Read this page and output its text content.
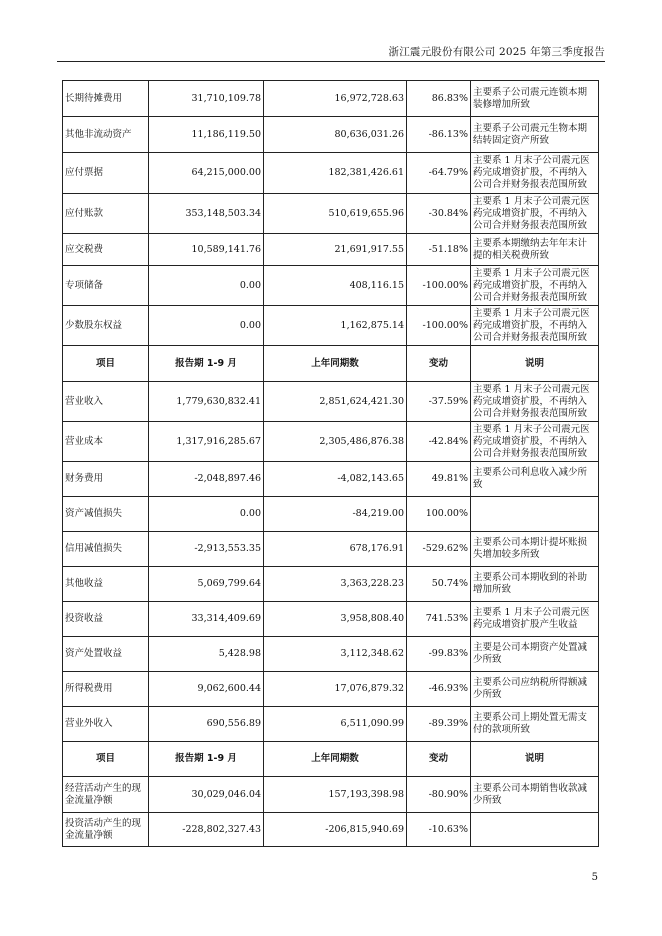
浙江震元股份有限公司 2025 年第三季度报告
长期待摊费用	31,710,109.78	16,972,728.63	86.83%	主要系子公司震元连锁本期装修增加所致
其他非流动资产	11,186,119.50	80,636,031.26	-86.13%	主要系子公司震元生物本期结转固定资产所致
应付票据	64,215,000.00	182,381,426.61	-64.79%	主要系 1 月末子公司震元医药完成增资扩股，不再纳入公司合并财务报表范围所致
应付账款	353,148,503.34	510,619,655.96	-30.84%	主要系 1 月末子公司震元医药完成增资扩股，不再纳入公司合并财务报表范围所致
应交税费	10,589,141.76	21,691,917.55	-51.18%	主要系本期缴纳去年年末计提的相关税费所致
专项储备	0.00	408,116.15	-100.00%	主要系 1 月末子公司震元医药完成增资扩股，不再纳入公司合并财务报表范围所致
少数股东权益	0.00	1,162,875.14	-100.00%	主要系 1 月末子公司震元医药完成增资扩股，不再纳入公司合并财务报表范围所致
项目	报告期 1-9 月	上年同期数	变动	说明
营业收入	1,779,630,832.41	2,851,624,421.30	-37.59%	主要系 1 月末子公司震元医药完成增资扩股，不再纳入公司合并财务报表范围所致
营业成本	1,317,916,285.67	2,305,486,876.38	-42.84%	主要系 1 月末子公司震元医药完成增资扩股，不再纳入公司合并财务报表范围所致
财务费用	-2,048,897.46	-4,082,143.65	49.81%	主要系公司利息收入减少所致
资产减值损失	0.00	-84,219.00	100.00%	
信用减值损失	-2,913,553.35	678,176.91	-529.62%	主要系公司本期计提坏账损失增加较多所致
其他收益	5,069,799.64	3,363,228.23	50.74%	主要系公司本期收到的补助增加所致
投资收益	33,314,409.69	3,958,808.40	741.53%	主要系 1 月末子公司震元医药完成增资扩股产生收益
资产处置收益	5,428.98	3,112,348.62	-99.83%	主要是公司本期资产处置减少所致
所得税费用	9,062,600.44	17,076,879.32	-46.93%	主要系公司应纳税所得额减少所致
营业外收入	690,556.89	6,511,090.99	-89.39%	主要系公司上期处置无需支付的款项所致
项目	报告期 1-9 月	上年同期数	变动	说明
经营活动产生的现金流量净额	30,029,046.04	157,193,398.98	-80.90%	主要系公司本期销售收款减少所致
投资活动产生的现金流量净额	-228,802,327.43	-206,815,940.69	-10.63%	
5
